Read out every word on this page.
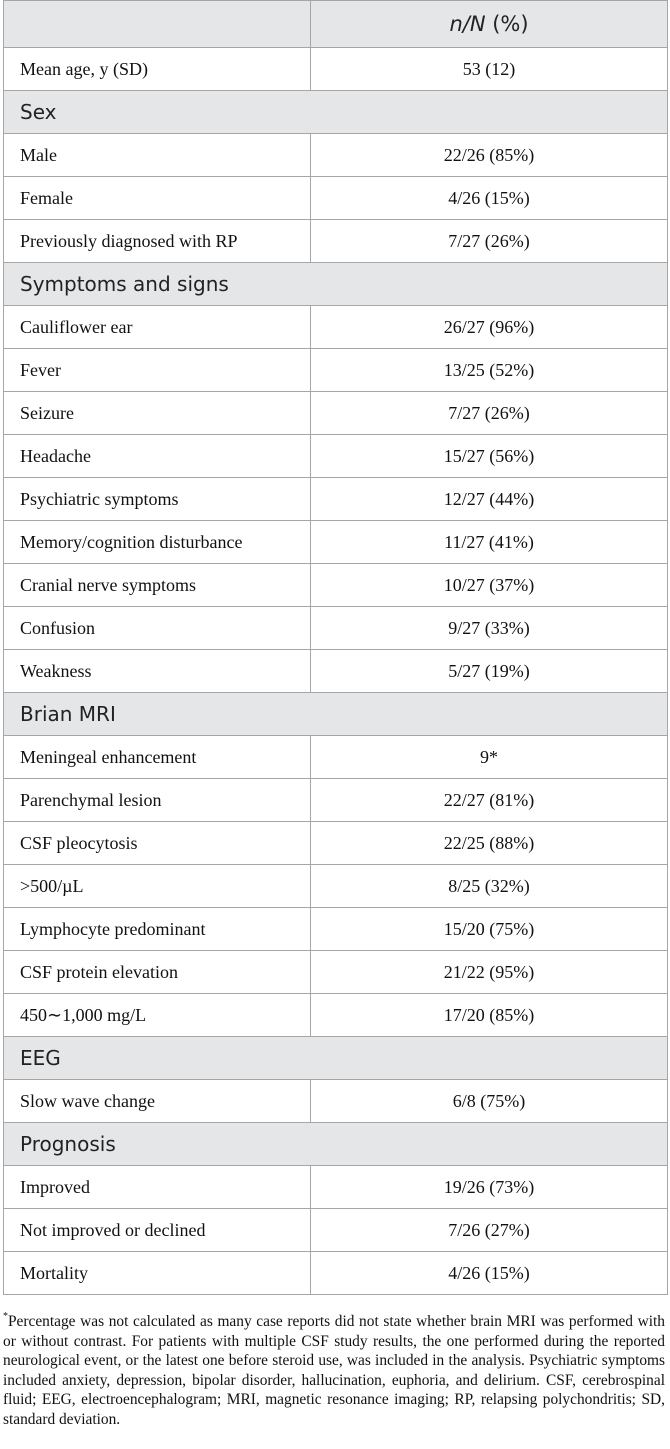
	n/N (%)
Mean age, y (SD)	53 (12)
Sex	
Male	22/26 (85%)
Female	4/26 (15%)
Previously diagnosed with RP	7/27 (26%)
Symptoms and signs	
Cauliflower ear	26/27 (96%)
Fever	13/25 (52%)
Seizure	7/27 (26%)
Headache	15/27 (56%)
Psychiatric symptoms	12/27 (44%)
Memory/cognition disturbance	11/27 (41%)
Cranial nerve symptoms	10/27 (37%)
Confusion	9/27 (33%)
Weakness	5/27 (19%)
Brian MRI	
Meningeal enhancement	9*
Parenchymal lesion	22/27 (81%)
CSF pleocytosis	22/25 (88%)
>500/µL	8/25 (32%)
Lymphocyte predominant	15/20 (75%)
CSF protein elevation	21/22 (95%)
450∼1,000 mg/L	17/20 (85%)
EEG	
Slow wave change	6/8 (75%)
Prognosis	
Improved	19/26 (73%)
Not improved or declined	7/26 (27%)
Mortality	4/26 (15%)

*Percentage was not calculated as many case reports did not state whether brain MRI was performed with or without contrast. For patients with multiple CSF study results, the one performed during the reported neurological event, or the latest one before steroid use, was included in the analysis. Psychiatric symptoms included anxiety, depression, bipolar disorder, hallucination, euphoria, and delirium. CSF, cerebrospinal fluid; EEG, electroencephalogram; MRI, magnetic resonance imaging; RP, relapsing polychondritis; SD, standard deviation.
